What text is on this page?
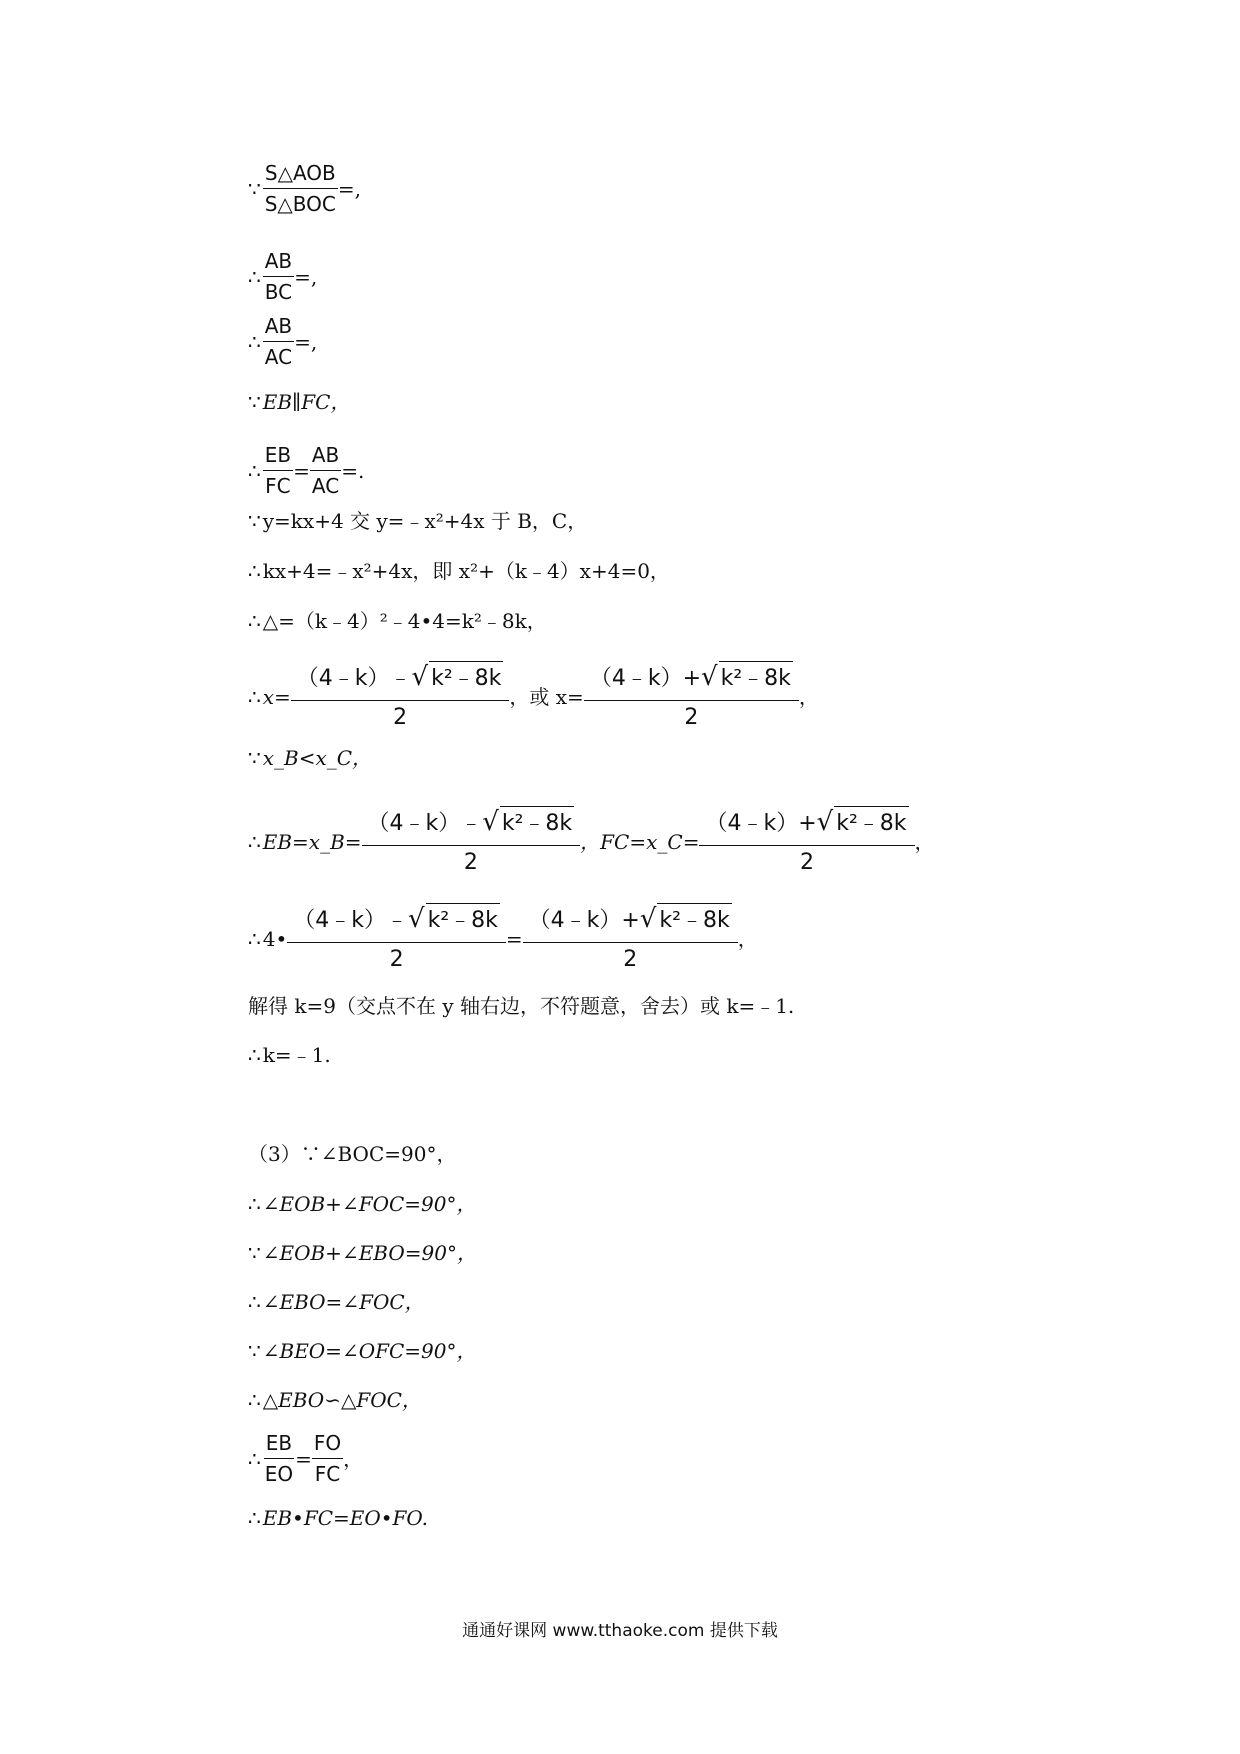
∵ $\frac{\text{S△AOB}}{\text{S△BOC}}$ =,
∴ $\frac{AB}{BC}$ =,
∴ $\frac{AB}{AC}$ =,
∵ EB∥FC，
∴ $\frac{EB}{FC} = \frac{AB}{AC}$ =.
∵ y=kx+4 交 y=﹣x²+4x 于 B，C，
∴ kx+4=﹣x²+4x，即 x²+（k﹣4）x+4=0，
∴ △=（k﹣4）²﹣4•4=k²﹣8k，
∴ $x= \frac{\text{（4﹣k）﹣√ k²﹣8k}}{2}$ ，或 $x= \frac{\text{（4﹣k）+√ k²﹣8k}}{2}$ ，
∵ x_B<x_C，
∴ EB=x_B= $\frac{\text{（4﹣k）﹣√ k²﹣8k}}{2}$ ，FC=x_C= $\frac{\text{（4﹣k）+√ k²﹣8k}}{2}$ ，
∴ 4• $\frac{\text{（4﹣k）﹣√ k²﹣8k}}{2} = \frac{\text{（4﹣k）+√ k²﹣8k}}{2}$ ，
解得 k=9（交点不在 y 轴右边，不符题意，舍去）或 k=﹣1.
∴ k=﹣1.
（3）∵∠BOC=90°，
∴ ∠EOB+∠FOC=90°，
∵ ∠EOB+∠EBO=90°，
∴ ∠EBO=∠FOC，
∵ ∠BEO=∠OFC=90°，
∴ △EBO∽△FOC，
∴ $\frac{EB}{EO} = \frac{FO}{FC}$ ，
∴ EB•FC=EO•FO.
通通好课网 www.tthaoke.com 提供下载
